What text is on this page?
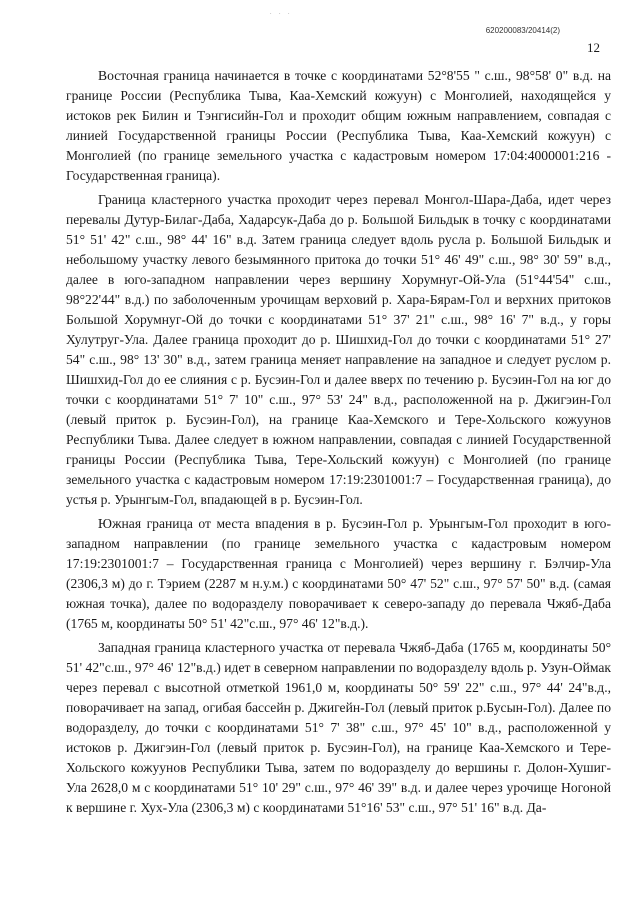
. . .
620200083/20414(2)
12

Восточная граница начинается в точке с координатами 52°8'55 " с.ш., 98°58' 0" в.д. на границе России (Республика Тыва, Каа-Хемский кожуун) с Монголией, находящейся у истоков рек Билин и Тэнгисийн-Гол и проходит общим южным направлением, совпадая с линией Государственной границы России (Республика Тыва, Каа-Хемский кожуун) с Монголией (по границе земельного участка с кадастровым номером 17:04:4000001:216 - Государственная граница).

Граница кластерного участка проходит через перевал Монгол-Шара-Даба, идет через перевалы Дутур-Билаг-Даба, Хадарсук-Даба до р. Большой Бильдык в точку с координатами 51° 51' 42" с.ш., 98° 44' 16" в.д. Затем граница следует вдоль русла р. Большой Бильдык и небольшому участку левого безымянного притока до точки 51° 46' 49" с.ш., 98° 30' 59" в.д., далее в юго-западном направлении через вершину Хорумнуг-Ой-Ула (51°44'54" с.ш., 98°22'44" в.д.) по заболоченным урочищам верховий р. Хара-Бярам-Гол и верхних притоков Большой Хорумнуг-Ой до точки с координатами 51° 37' 21" с.ш., 98° 16' 7" в.д., у горы Хулутруг-Ула. Далее граница проходит до р. Шишхид-Гол до точки с координатами 51° 27' 54" с.ш., 98° 13' 30" в.д., затем граница меняет направление на западное и следует руслом р. Шишхид-Гол до ее слияния с р. Бусэин-Гол и далее вверх по течению р. Бусэин-Гол на юг до точки с координатами 51° 7' 10" с.ш., 97° 53' 24" в.д., расположенной на р. Джигэин-Гол (левый приток р. Бусэин-Гол), на границе Каа-Хемского и Тере-Хольского кожуунов Республики Тыва. Далее следует в южном направлении, совпадая с линией Государственной границы России (Республика Тыва, Тере-Хольский кожуун) с Монголией (по границе земельного участка с кадастровым номером 17:19:2301001:7 – Государственная граница), до устья р. Урынгым-Гол, впадающей в р. Бусэин-Гол.

Южная граница от места впадения в р. Бусэин-Гол р. Урынгым-Гол проходит в юго-западном направлении (по границе земельного участка с кадастровым номером 17:19:2301001:7 – Государственная граница с Монголией) через вершину г. Бэлчир-Ула (2306,3 м) до г. Тэрием (2287 м н.у.м.) с координатами 50° 47' 52" с.ш., 97° 57' 50" в.д. (самая южная точка), далее по водоразделу поворачивает к северо-западу до перевала Чжяб-Даба (1765 м, координаты 50° 51' 42"с.ш., 97° 46' 12"в.д.).

Западная граница кластерного участка от перевала Чжяб-Даба (1765 м, координаты 50° 51' 42"с.ш., 97° 46' 12"в.д.) идет в северном направлении по водоразделу вдоль р. Узун-Оймак через перевал с высотной отметкой 1961,0 м, координаты 50° 59' 22" с.ш., 97° 44' 24"в.д., поворачивает на запад, огибая бассейн р. Джигейн-Гол (левый приток р.Бусын-Гол). Далее по водоразделу, до точки с координатами 51° 7' 38" с.ш., 97° 45' 10" в.д., расположенной у истоков р. Джигэин-Гол (левый приток р. Бусэин-Гол), на границе Каа-Хемского и Тере-Хольского кожуунов Республики Тыва, затем по водоразделу до вершины г. Долон-Хушиг-Ула 2628,0 м с координатами 51° 10' 29" с.ш., 97° 46' 39" в.д. и далее через урочище Ногоной к вершине г. Хух-Ула (2306,3 м) с координатами 51°16' 53" с.ш., 97° 51' 16" в.д. Да-
